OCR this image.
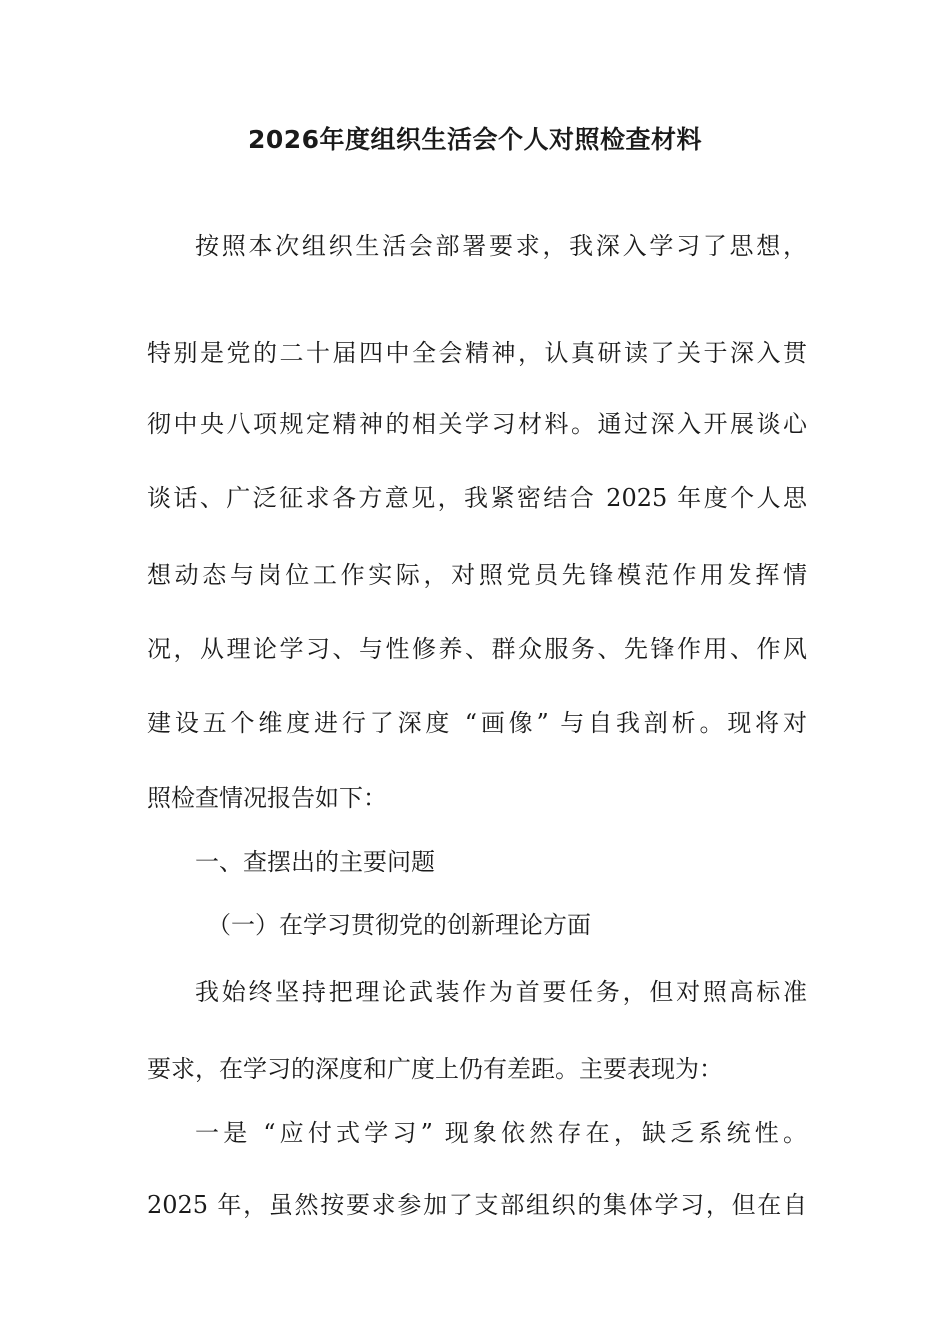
2026年度组织生活会个人对照检查材料

按照本次组织生活会部署要求，我深入学习了思想，

特别是党的二十届四中全会精神，认真研读了关于深入贯

彻中央八项规定精神的相关学习材料。通过深入开展谈心

谈话、广泛征求各方意见，我紧密结合 2025 年度个人思

想动态与岗位工作实际，对照党员先锋模范作用发挥情

况，从理论学习、与性修养、群众服务、先锋作用、作风

建设五个维度进行了深度 “画像” 与自我剖析。现将对

照检查情况报告如下：

一、查摆出的主要问题

（一）在学习贯彻党的创新理论方面

我始终坚持把理论武装作为首要任务，但对照高标准

要求，在学习的深度和广度上仍有差距。主要表现为：

一是 “应付式学习” 现象依然存在，缺乏系统性。

2025 年，虽然按要求参加了支部组织的集体学习，但在自
